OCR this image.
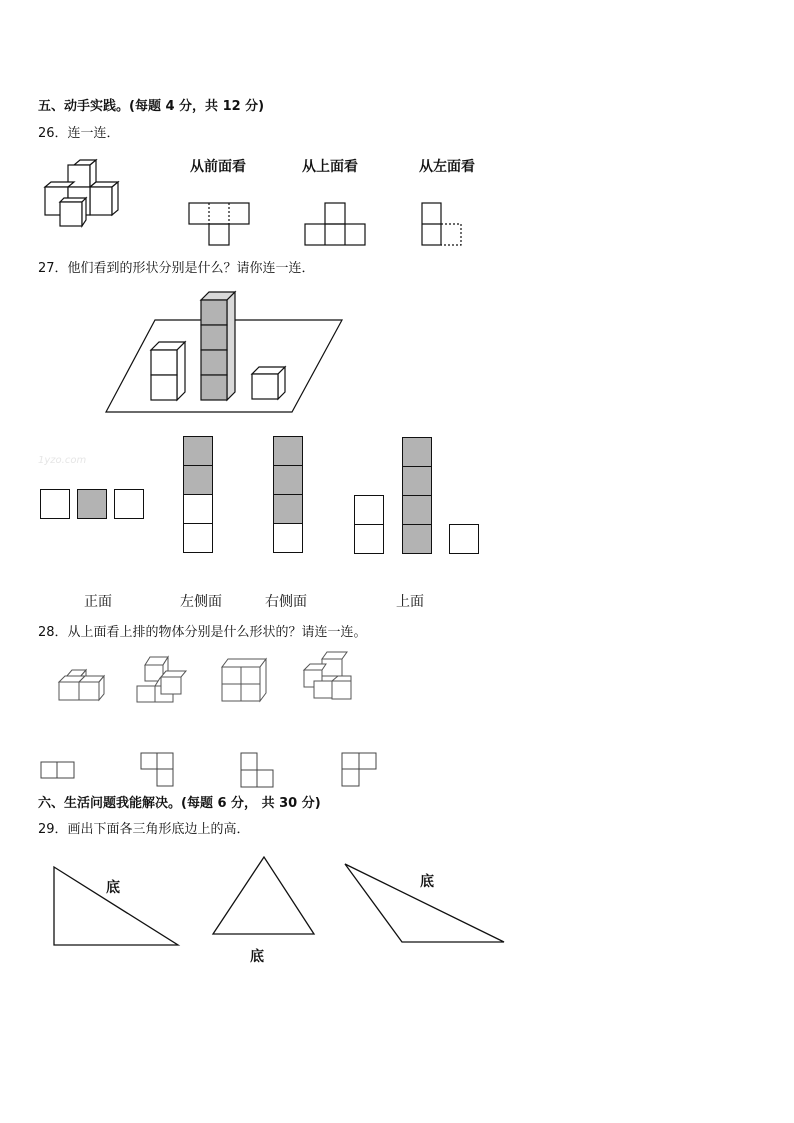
五、动手实践。(每题 4 分，共 12 分)
26．连一连．
从前面看	从上面看	从左面看
27．他们看到的形状分别是什么？请你连一连．
1yzo.com
正面	左侧面	右侧面	上面
28．从上面看上排的物体分别是什么形状的？请连一连。
六、生活问题我能解决。(每题 6 分， 共 30 分)
29．画出下面各三角形底边上的高．
底
底
底
